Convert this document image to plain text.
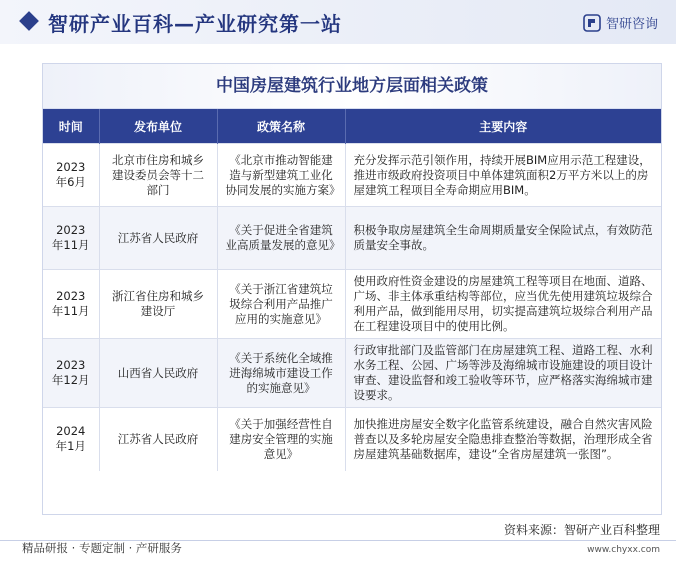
智研产业百科—产业研究第一站	智研咨询
中国房屋建筑行业地方层面相关政策
时间	发布单位	政策名称	主要内容
2023年6月	北京市住房和城乡建设委员会等十二部门	《北京市推动智能建造与新型建筑工业化协同发展的实施方案》	充分发挥示范引领作用，持续开展BIM应用示范工程建设，推进市级政府投资项目中单体建筑面积2万平方米以上的房屋建筑工程项目全寿命期应用BIM。
2023年11月	江苏省人民政府	《关于促进全省建筑业高质量发展的意见》	积极争取房屋建筑全生命周期质量安全保险试点，有效防范质量安全事故。
2023年11月	浙江省住房和城乡建设厅	《关于浙江省建筑垃圾综合利用产品推广应用的实施意见》	使用政府性资金建设的房屋建筑工程等项目在地面、道路、广场、非主体承重结构等部位，应当优先使用建筑垃圾综合利用产品，做到能用尽用，切实提高建筑垃圾综合利用产品在工程建设项目中的使用比例。
2023年12月	山西省人民政府	《关于系统化全域推进海绵城市建设工作的实施意见》	行政审批部门及监管部门在房屋建筑工程、道路工程、水利水务工程、公园、广场等涉及海绵城市设施建设的项目设计审查、建设监督和竣工验收等环节，应严格落实海绵城市建设要求。
2024年1月	江苏省人民政府	《关于加强经营性自建房安全管理的实施意见》	加快推进房屋安全数字化监管系统建设，融合自然灾害风险普查以及多轮房屋安全隐患排查整治等数据，治理形成全省房屋建筑基础数据库，建设“全省房屋建筑一张图”。
资料来源：智研产业百科整理
精品研报 · 专题定制 · 产研服务	www.chyxx.com
